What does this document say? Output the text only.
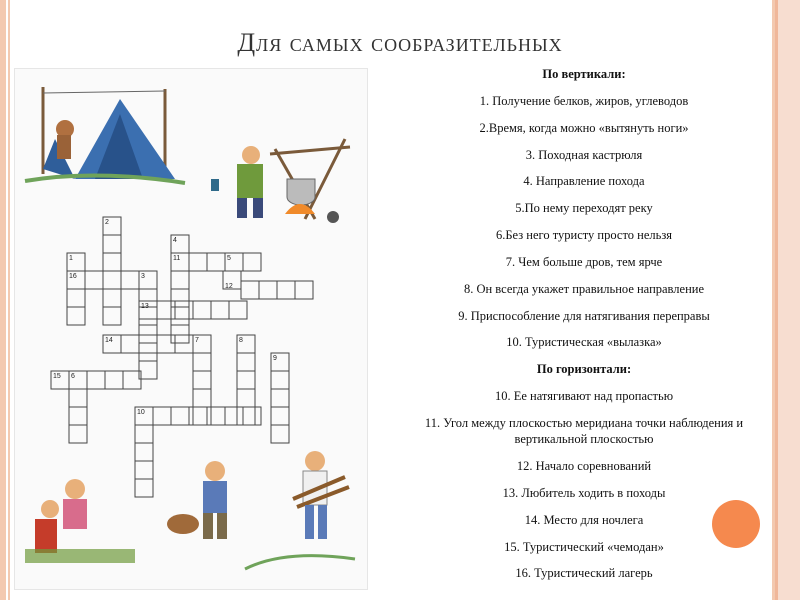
Для самых сообразительных
2
1
16	3
4
11	5
12
13
14	7	8
9
15 6
10
По вертикали:
1. Получение белков, жиров, углеводов
2.Время, когда можно «вытянуть ноги»
3. Походная кастрюля
4. Направление похода
5.По нему переходят реку
6.Без него туристу просто нельзя
7. Чем больше дров, тем ярче
8. Он всегда укажет правильное направление
9. Приспособление для натягивания переправы
10. Туристическая «вылазка»
По горизонтали:
10. Ее натягивают над пропастью
11. Угол между плоскостью меридиана точки наблюдения и вертикальной плоскостью
12. Начало соревнований
13. Любитель ходить в походы
14. Место для ночлега
15. Туристический «чемодан»
16. Туристический лагерь
